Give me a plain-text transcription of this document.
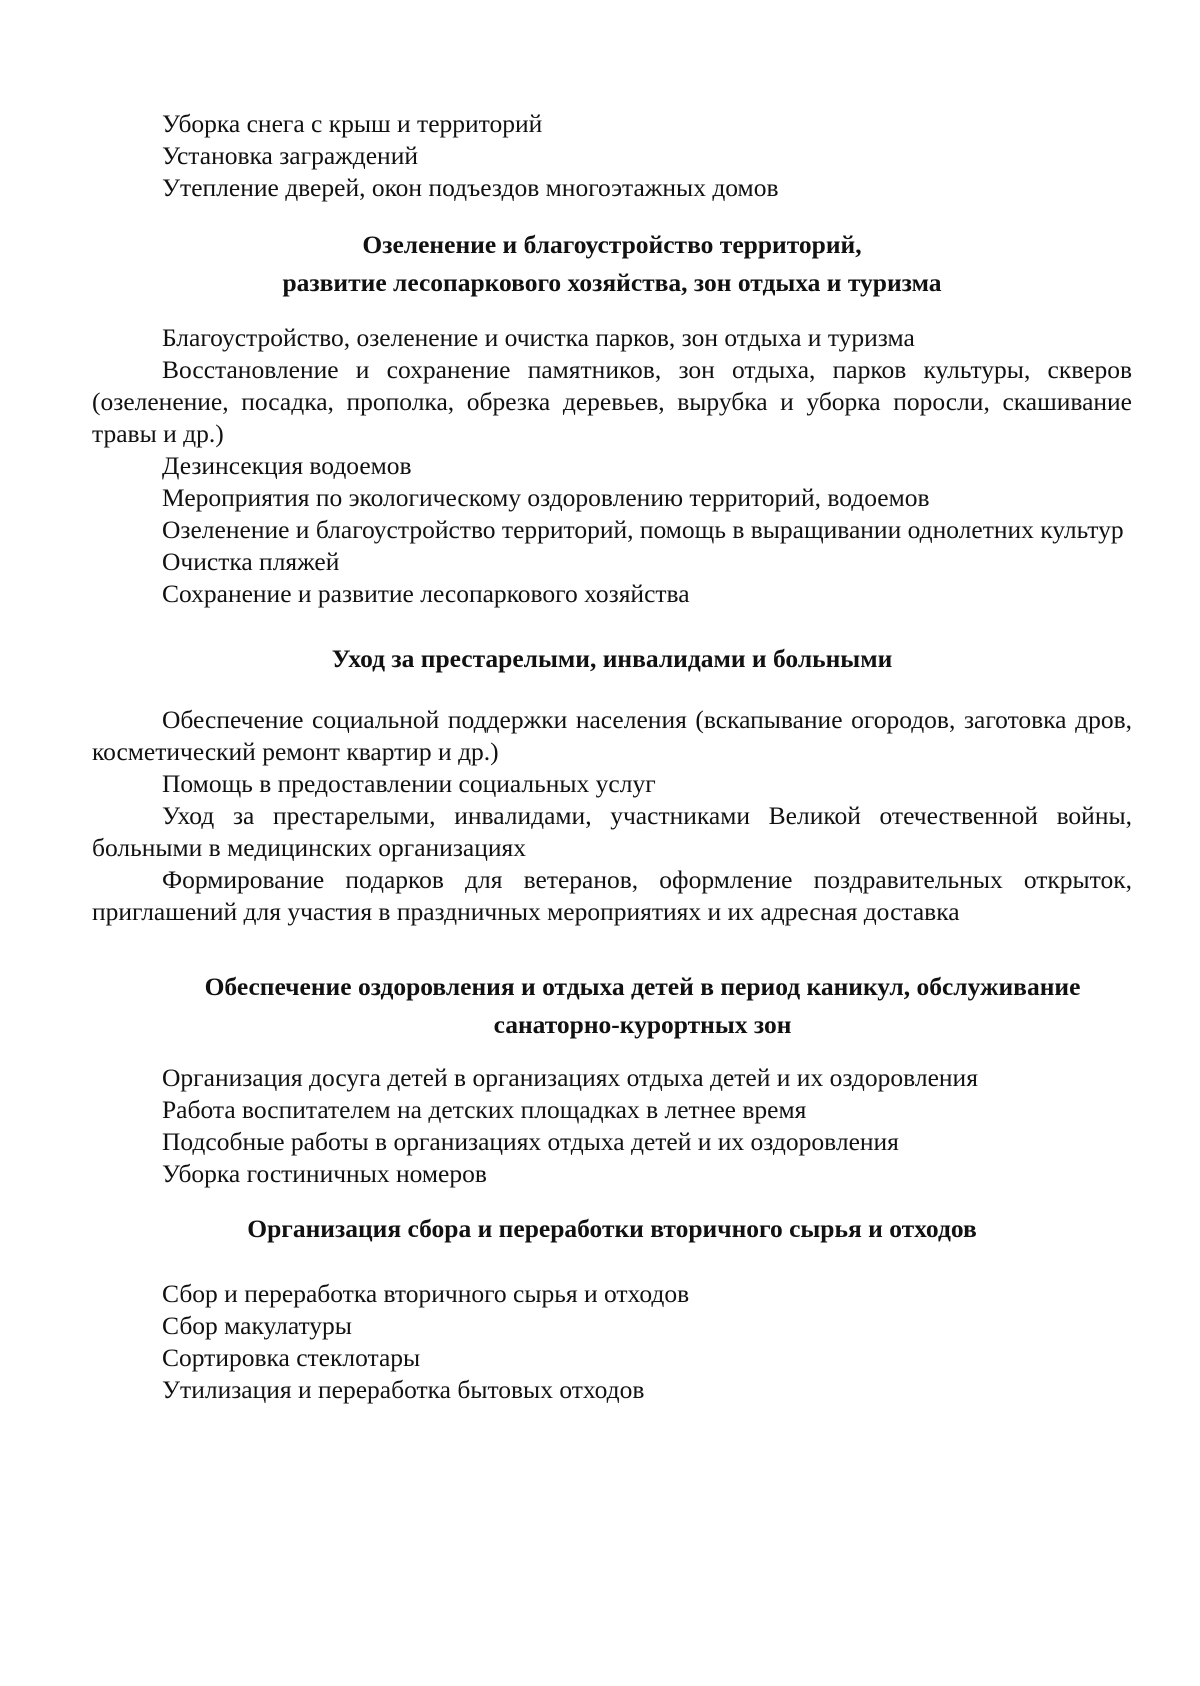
Уборка снега с крыш и территорий

Установка заграждений

Утепление дверей, окон подъездов многоэтажных домов

Озеленение и благоустройство территорий,
развитие лесопаркового хозяйства, зон отдыха и туризма

Благоустройство, озеленение и очистка парков, зон отдыха и туризма

Восстановление и сохранение памятников, зон отдыха, парков культуры, скверов (озеленение, посадка, прополка, обрезка деревьев, вырубка и уборка поросли, скашивание травы и др.)

Дезинсекция водоемов

Мероприятия по экологическому оздоровлению территорий, водоемов

Озеленение и благоустройство территорий, помощь в выращивании однолетних культур

Очистка пляжей

Сохранение и развитие лесопаркового хозяйства

Уход за престарелыми, инвалидами и больными

Обеспечение социальной поддержки населения (вскапывание огородов, заготовка дров, косметический ремонт квартир и др.)

Помощь в предоставлении социальных услуг

Уход за престарелыми, инвалидами, участниками Великой отечественной войны, больными в медицинских организациях

Формирование подарков для ветеранов, оформление поздравительных открыток, приглашений для участия в праздничных мероприятиях и их адресная доставка

Обеспечение оздоровления и отдыха детей в период каникул, обслуживание
санаторно-курортных зон

Организация досуга детей в организациях отдыха детей и их оздоровления

Работа воспитателем на детских площадках в летнее время

Подсобные работы в организациях отдыха детей и их оздоровления

Уборка гостиничных номеров

Организация сбора и переработки вторичного сырья и отходов

Сбор и переработка вторичного сырья и отходов

Сбор макулатуры

Сортировка стеклотары

Утилизация и переработка бытовых отходов
